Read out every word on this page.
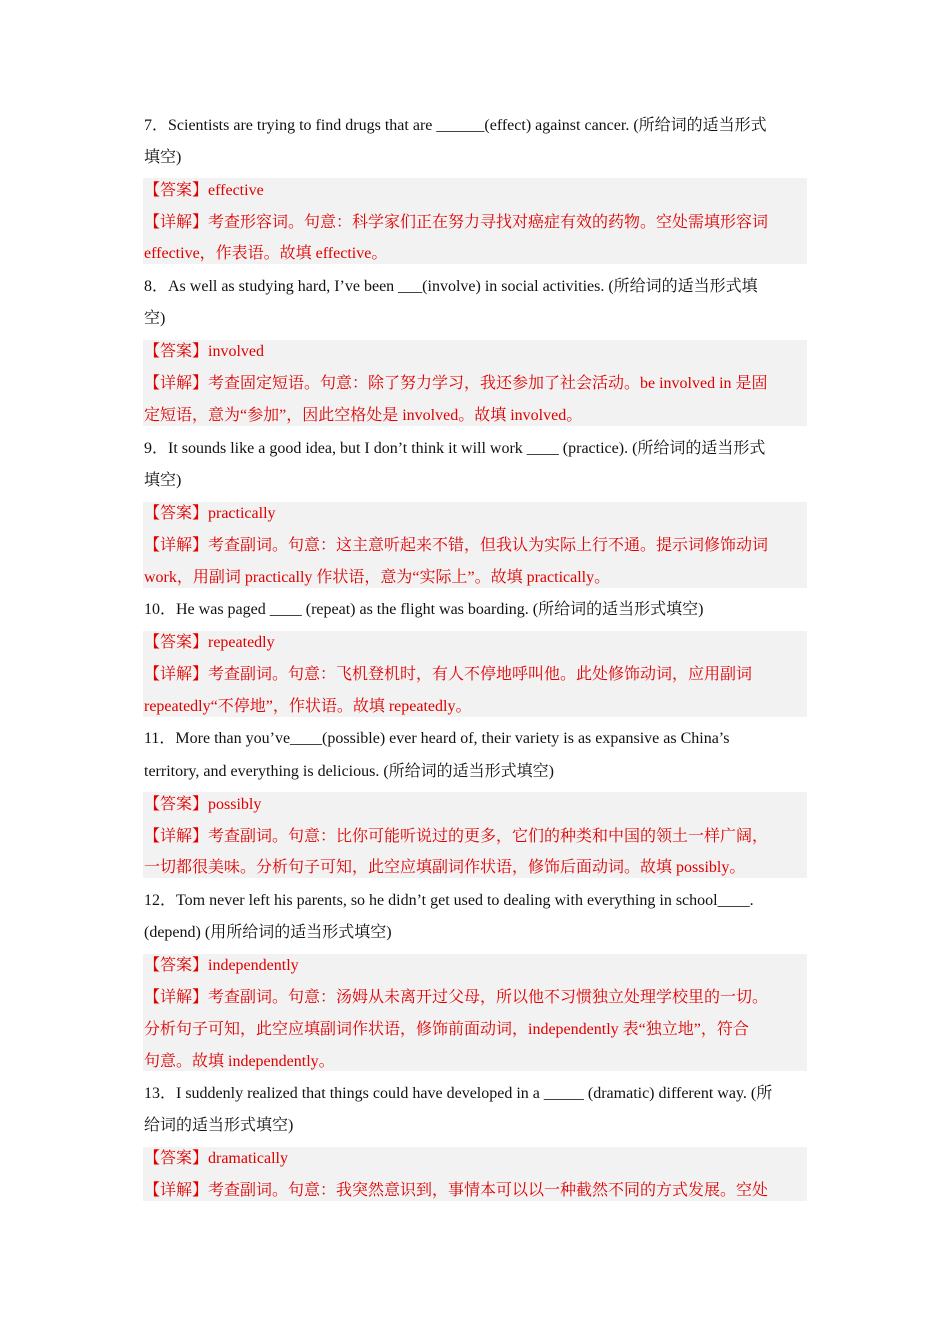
7．Scientists are trying to find drugs that are ______(effect) against cancer. (所给词的适当形式
填空)
【答案】effective
【详解】考查形容词。句意：科学家们正在努力寻找对癌症有效的药物。空处需填形容词
effective，作表语。故填 effective。
8．As well as studying hard, I’ve been ___(involve) in social activities. (所给词的适当形式填
空)
【答案】involved
【详解】考查固定短语。句意：除了努力学习，我还参加了社会活动。be involved in 是固
定短语，意为“参加”，因此空格处是 involved。故填 involved。
9．It sounds like a good idea, but I don’t think it will work ____ (practice). (所给词的适当形式
填空)
【答案】practically
【详解】考查副词。句意：这主意听起来不错，但我认为实际上行不通。提示词修饰动词
work，用副词 practically 作状语，意为“实际上”。故填 practically。
10．He was paged ____ (repeat) as the flight was boarding. (所给词的适当形式填空)
【答案】repeatedly
【详解】考查副词。句意：飞机登机时，有人不停地呼叫他。此处修饰动词，应用副词
repeatedly“不停地”，作状语。故填 repeatedly。
11．More than you’ve____(possible) ever heard of, their variety is as expansive as China’s
territory, and everything is delicious. (所给词的适当形式填空)
【答案】possibly
【详解】考查副词。句意：比你可能听说过的更多，它们的种类和中国的领土一样广阔，
一切都很美味。分析句子可知，此空应填副词作状语，修饰后面动词。故填 possibly。
12．Tom never left his parents, so he didn’t get used to dealing with everything in school____.
(depend) (用所给词的适当形式填空)
【答案】independently
【详解】考查副词。句意：汤姆从未离开过父母，所以他不习惯独立处理学校里的一切。
分析句子可知，此空应填副词作状语，修饰前面动词，independently 表“独立地”，符合
句意。故填 independently。
13．I suddenly realized that things could have developed in a _____ (dramatic) different way. (所
给词的适当形式填空)
【答案】dramatically
【详解】考查副词。句意：我突然意识到，事情本可以以一种截然不同的方式发展。空处
